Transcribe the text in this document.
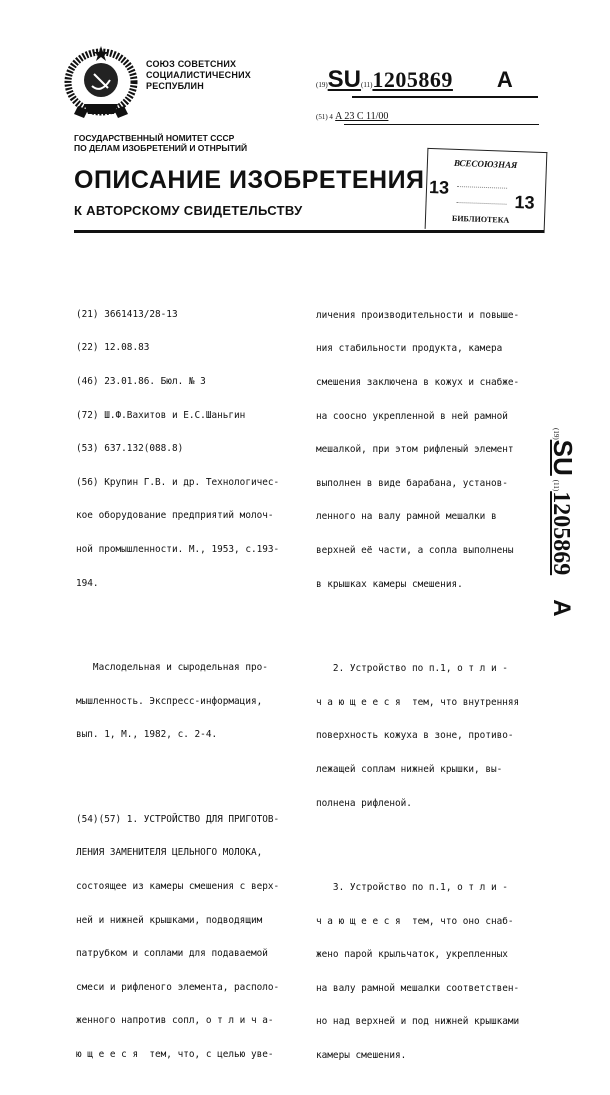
СОЮЗ СОВЕТСНИХ
СОЦИАЛИСТИЧЕСНИХ
РЕСПУБЛИН	(19)SU(11)1205869 A
(51) 4 A 23 C 11/00
ГОСУДАРСТВЕННЫЙ НОМИТЕТ СССР
ПО ДЕЛАМ ИЗОБРЕТЕНИЙ И ОТНРЫТИЙ
ОПИСАНИЕ ИЗОБРЕТЕНИЯ
К АВТОРСКОМУ СВИДЕТЕЛЬСТВУ
ВСЕСОЮЗНАЯ
13
13
БИБЛИОТЕКА

(21) 3661413/28-13

(22) 12.08.83

(46) 23.01.86. Бюл. № 3

(72) Ш.Ф.Вахитов и Е.С.Шаньгин

(53) 637.132(088.8)

(56) Крупин Г.В. и др. Технологичес-

кое оборудование предприятий молоч-

ной промышленности. М., 1953, с.193-

194.

Маслодельная и сыродельная про-

мышленность. Экспресс-информация,

вып. 1, М., 1982, с. 2-4.

(54)(57) 1. УСТРОЙСТВО ДЛЯ ПРИГОТОВ-

ЛЕНИЯ ЗАМЕНИТЕЛЯ ЦЕЛЬНОГО МОЛОКА,

состоящее из камеры смешения с верх-

ней и нижней крышками, подводящим

патрубком и соплами для подаваемой

смеси и рифленого элемента, располо-

женного напротив сопл, о т л и ч а-

ю щ е е с я  тем, что, с целью уве-

личения производительности и повыше-

ния стабильности продукта, камера

смешения заключена в кожух и снабже-

на соосно укрепленной в ней рамной

мешалкой, при этом рифленый элемент

выполнен в виде барабана, установ-

ленного на валу рамной мешалки в

верхней её части, а сопла выполнены

в крышках камеры смешения.

2. Устройство по п.1, о т л и -

ч а ю щ е е с я  тем, что внутренняя

поверхность кожуха в зоне, противо-

лежащей соплам нижней крышки, вы-

полнена рифленой.

3. Устройство по п.1, о т л и -

ч а ю щ е е с я  тем, что оно снаб-

жено парой крыльчаток, укрепленных

на валу рамной мешалки соответствен-

но над верхней и под нижней крышками

камеры смешения.

(19)SU (11)1205869A
